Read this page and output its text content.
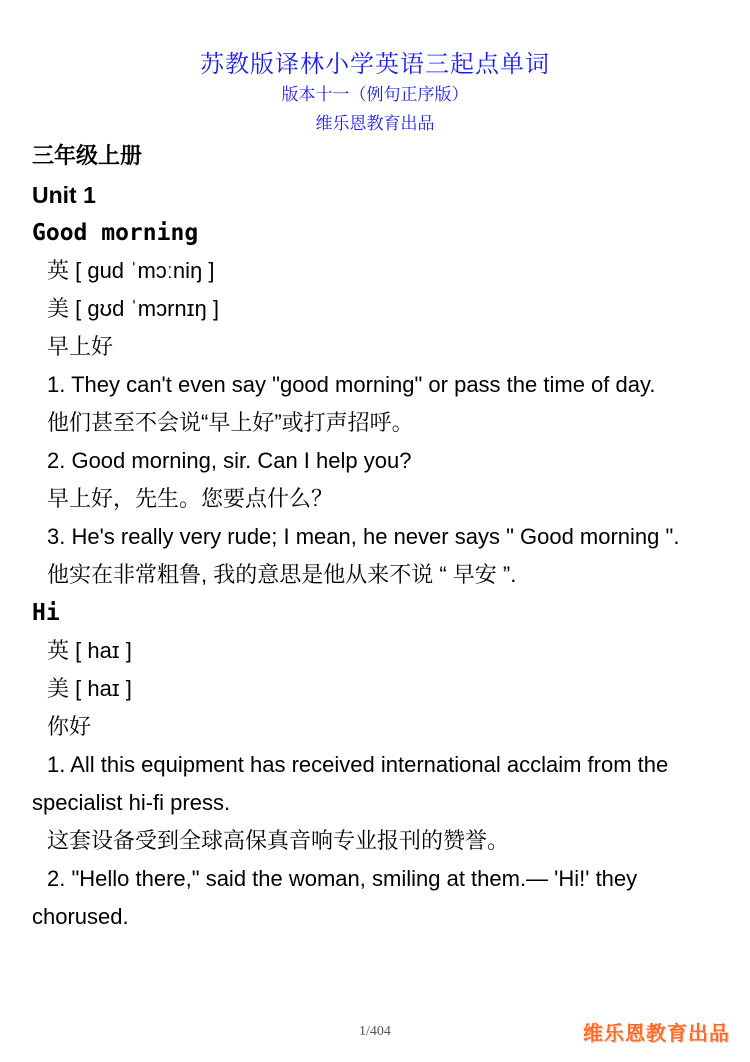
苏教版译林小学英语三起点单词
版本十一（例句正序版）
维乐恩教育出品
三年级上册
Unit 1
Good morning
英 [ gud ˈmɔːniŋ ]
美 [ gʊd ˈmɔrnɪŋ ]
早上好
1. They can't even say "good morning" or pass the time of day.
他们甚至不会说“早上好”或打声招呼。
2. Good morning, sir. Can I help you?
早上好，先生。您要点什么？
3. He's really very rude; I mean, he never says " Good morning ".
他实在非常粗鲁, 我的意思是他从来不说 “ 早安 ”.
Hi
英 [ haɪ ]
美 [ haɪ ]
你好
1. All this equipment has received international acclaim from the specialist hi-fi press.
这套设备受到全球高保真音响专业报刊的赞誉。
2. "Hello there," said the woman, smiling at them.— 'Hi!' they chorused.
1/404	维乐恩教育出品
